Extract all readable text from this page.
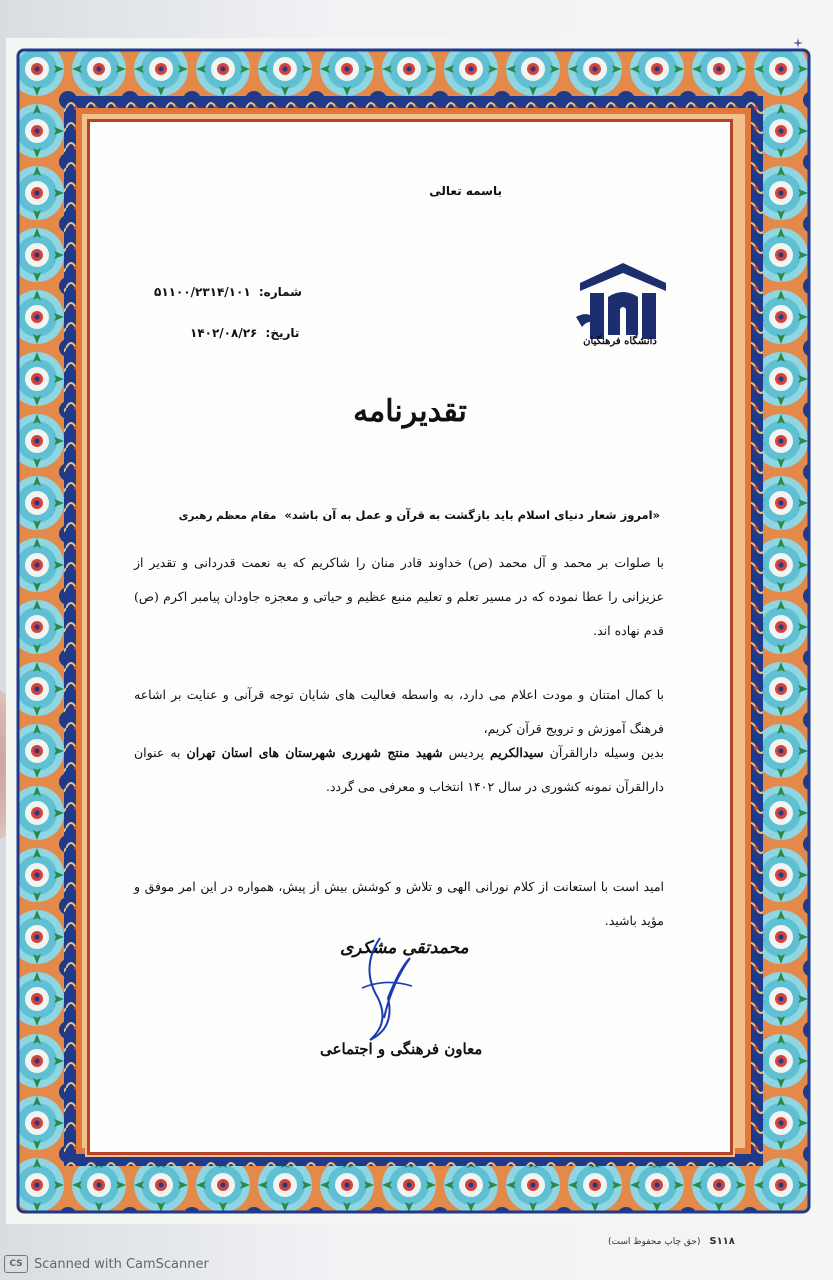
باسمه تعالی
دانشگاه فرهنگیان
شماره: ۵۱۱۰۰/۲۳۱۴/۱۰۱
تاریخ: ۱۴۰۲/۰۸/۲۶
تقدیرنامه
«امروز شعار دنیای اسلام باید بازگشت به قرآن و عمل به آن باشد» مقام معظم رهبری
با صلوات بر محمد و آل محمد (ص) خداوند قادر منان را شاکریم که به نعمت قدردانی و تقدیر از عزیزانی را عطا نموده که در مسیر تعلم و تعلیم منبع عظیم و حیاتی و معجزه جاودان پیامبر اکرم (ص) قدم نهاده اند.
با کمال امتنان و مودت اعلام می دارد، به واسطه فعالیت های شایان توجه قرآنی و عنایت بر اشاعه فرهنگ آموزش و ترویج قرآن کریم،
بدین وسیله دارالقرآن سیدالکریم پردیس شهید منتج شهرری شهرستان های استان تهران به عنوان دارالقرآن نمونه کشوری در سال ۱۴۰۲ انتخاب و معرفی می گردد.
امید است با استعانت از کلام نورانی الهی و تلاش و کوشش بیش از پیش، همواره در این امر موفق و مؤید باشید.
محمدتقی مشکری
معاون فرهنگی و اجتماعی
S۱۱۸ (حق چاپ محفوظ است)
CS Scanned with CamScanner
